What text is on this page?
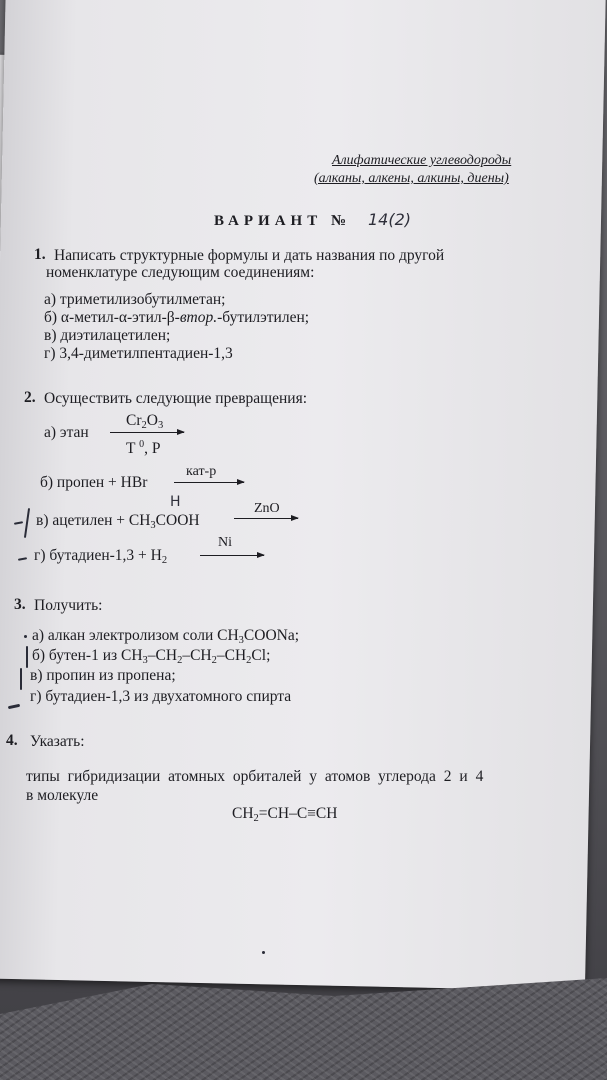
Алифатические углеводороды
(алканы, алкены, алкины, диены)
ВАРИАНТ № 14(2)
1. Написать структурные формулы и дать названия по другой
номенклатуре следующим соединениям:
а) триметилизобутилметан;
б) α-метил-α-этил-β-втор.-бутилэтилен;
в) диэтилацетилен;
г) 3,4-диметилпентадиен-1,3
2. Осуществить следующие превращения:
а) этан
$Cr_2O_3$
T $^0$, P
б) пропен + HBr
кат-р
в) ацетилен + $CH_3COOH$
H	ZnO
г) бутадиен-1,3 + $H_2$
Ni
3. Получить:
а) алкан электролизом соли $CH_3COONa$;
б) бутен-1 из $CH_3-CH_2-CH_2-CH_2Cl$;
в) пропин из пропена;
г) бутадиен-1,3 из двухатомного спирта
4. Указать:
типы гибридизации атомных орбиталей у атомов углерода 2 и 4
в молекуле
$CH_2=CH-C\equiv CH$
